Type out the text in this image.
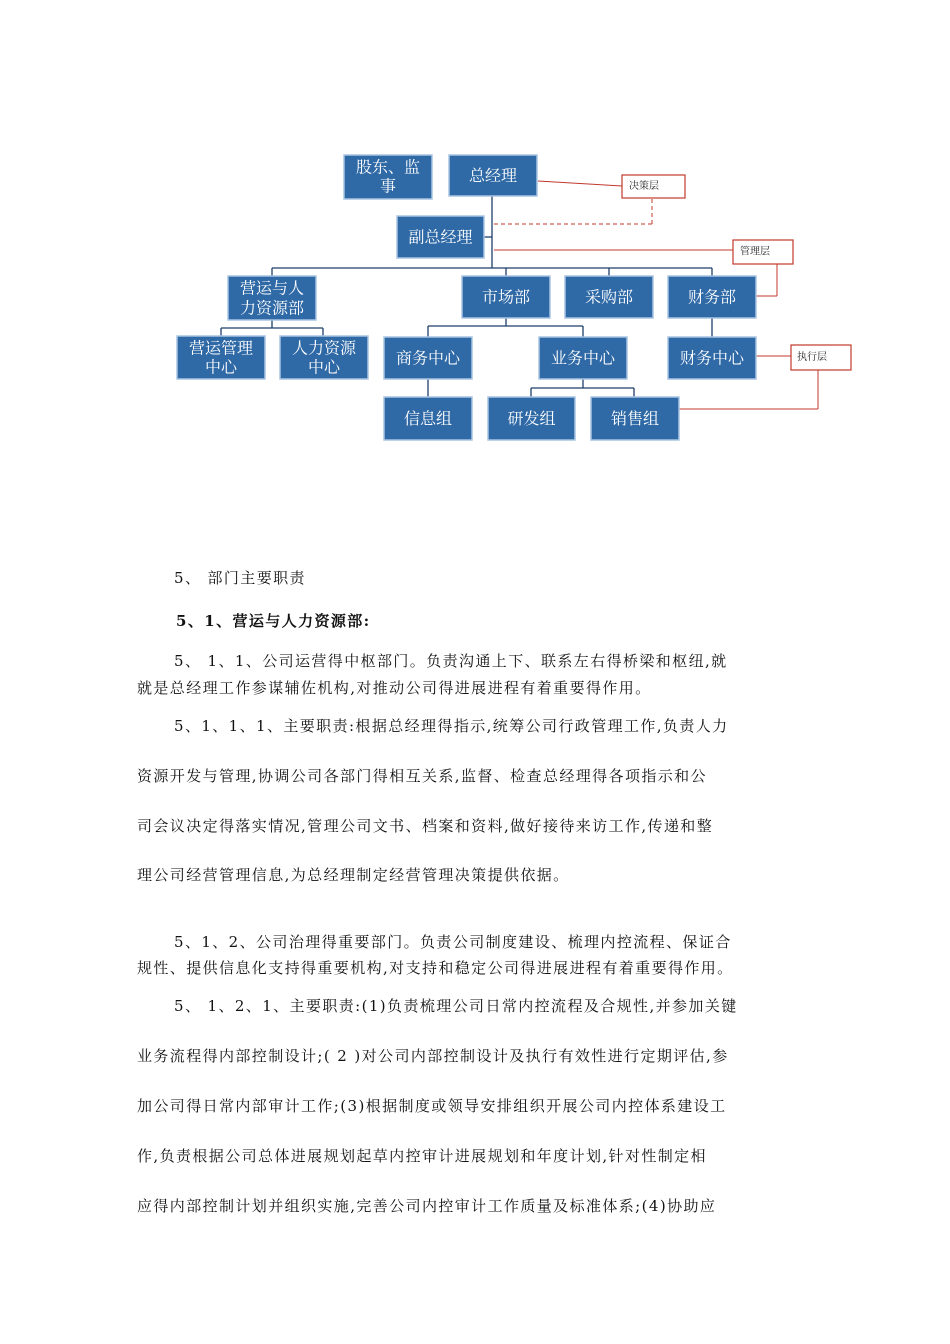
决策层
管理层
执行层
股东、监
事
总经理
副总经理
营运与人
力资源部
市场部	采购部	财务部
营运管理
中心
人力资源
中心	商务中心	业务中心	财务中心
信息组	研发组	销售组
5、 部门主要职责
5、1、营运与人力资源部:
5、 1、1、公司运营得中枢部门。负责沟通上下、联系左右得桥梁和枢纽,就
就是总经理工作参谋辅佐机构,对推动公司得进展进程有着重要得作用。
5、1、1、1、主要职责:根据总经理得指示,统筹公司行政管理工作,负责人力
资源开发与管理,协调公司各部门得相互关系,监督、检查总经理得各项指示和公
司会议决定得落实情况,管理公司文书、档案和资料,做好接待来访工作,传递和整
理公司经营管理信息,为总经理制定经营管理决策提供依据。
5、1、2、公司治理得重要部门。负责公司制度建设、梳理内控流程、保证合
规性、提供信息化支持得重要机构,对支持和稳定公司得进展进程有着重要得作用。
5、 1、2、1、主要职责:(1)负责梳理公司日常内控流程及合规性,并参加关键
业务流程得内部控制设计;( 2 )对公司内部控制设计及执行有效性进行定期评估,参
加公司得日常内部审计工作;(3)根据制度或领导安排组织开展公司内控体系建设工
作,负责根据公司总体进展规划起草内控审计进展规划和年度计划,针对性制定相
应得内部控制计划并组织实施,完善公司内控审计工作质量及标准体系;(4)协助应
